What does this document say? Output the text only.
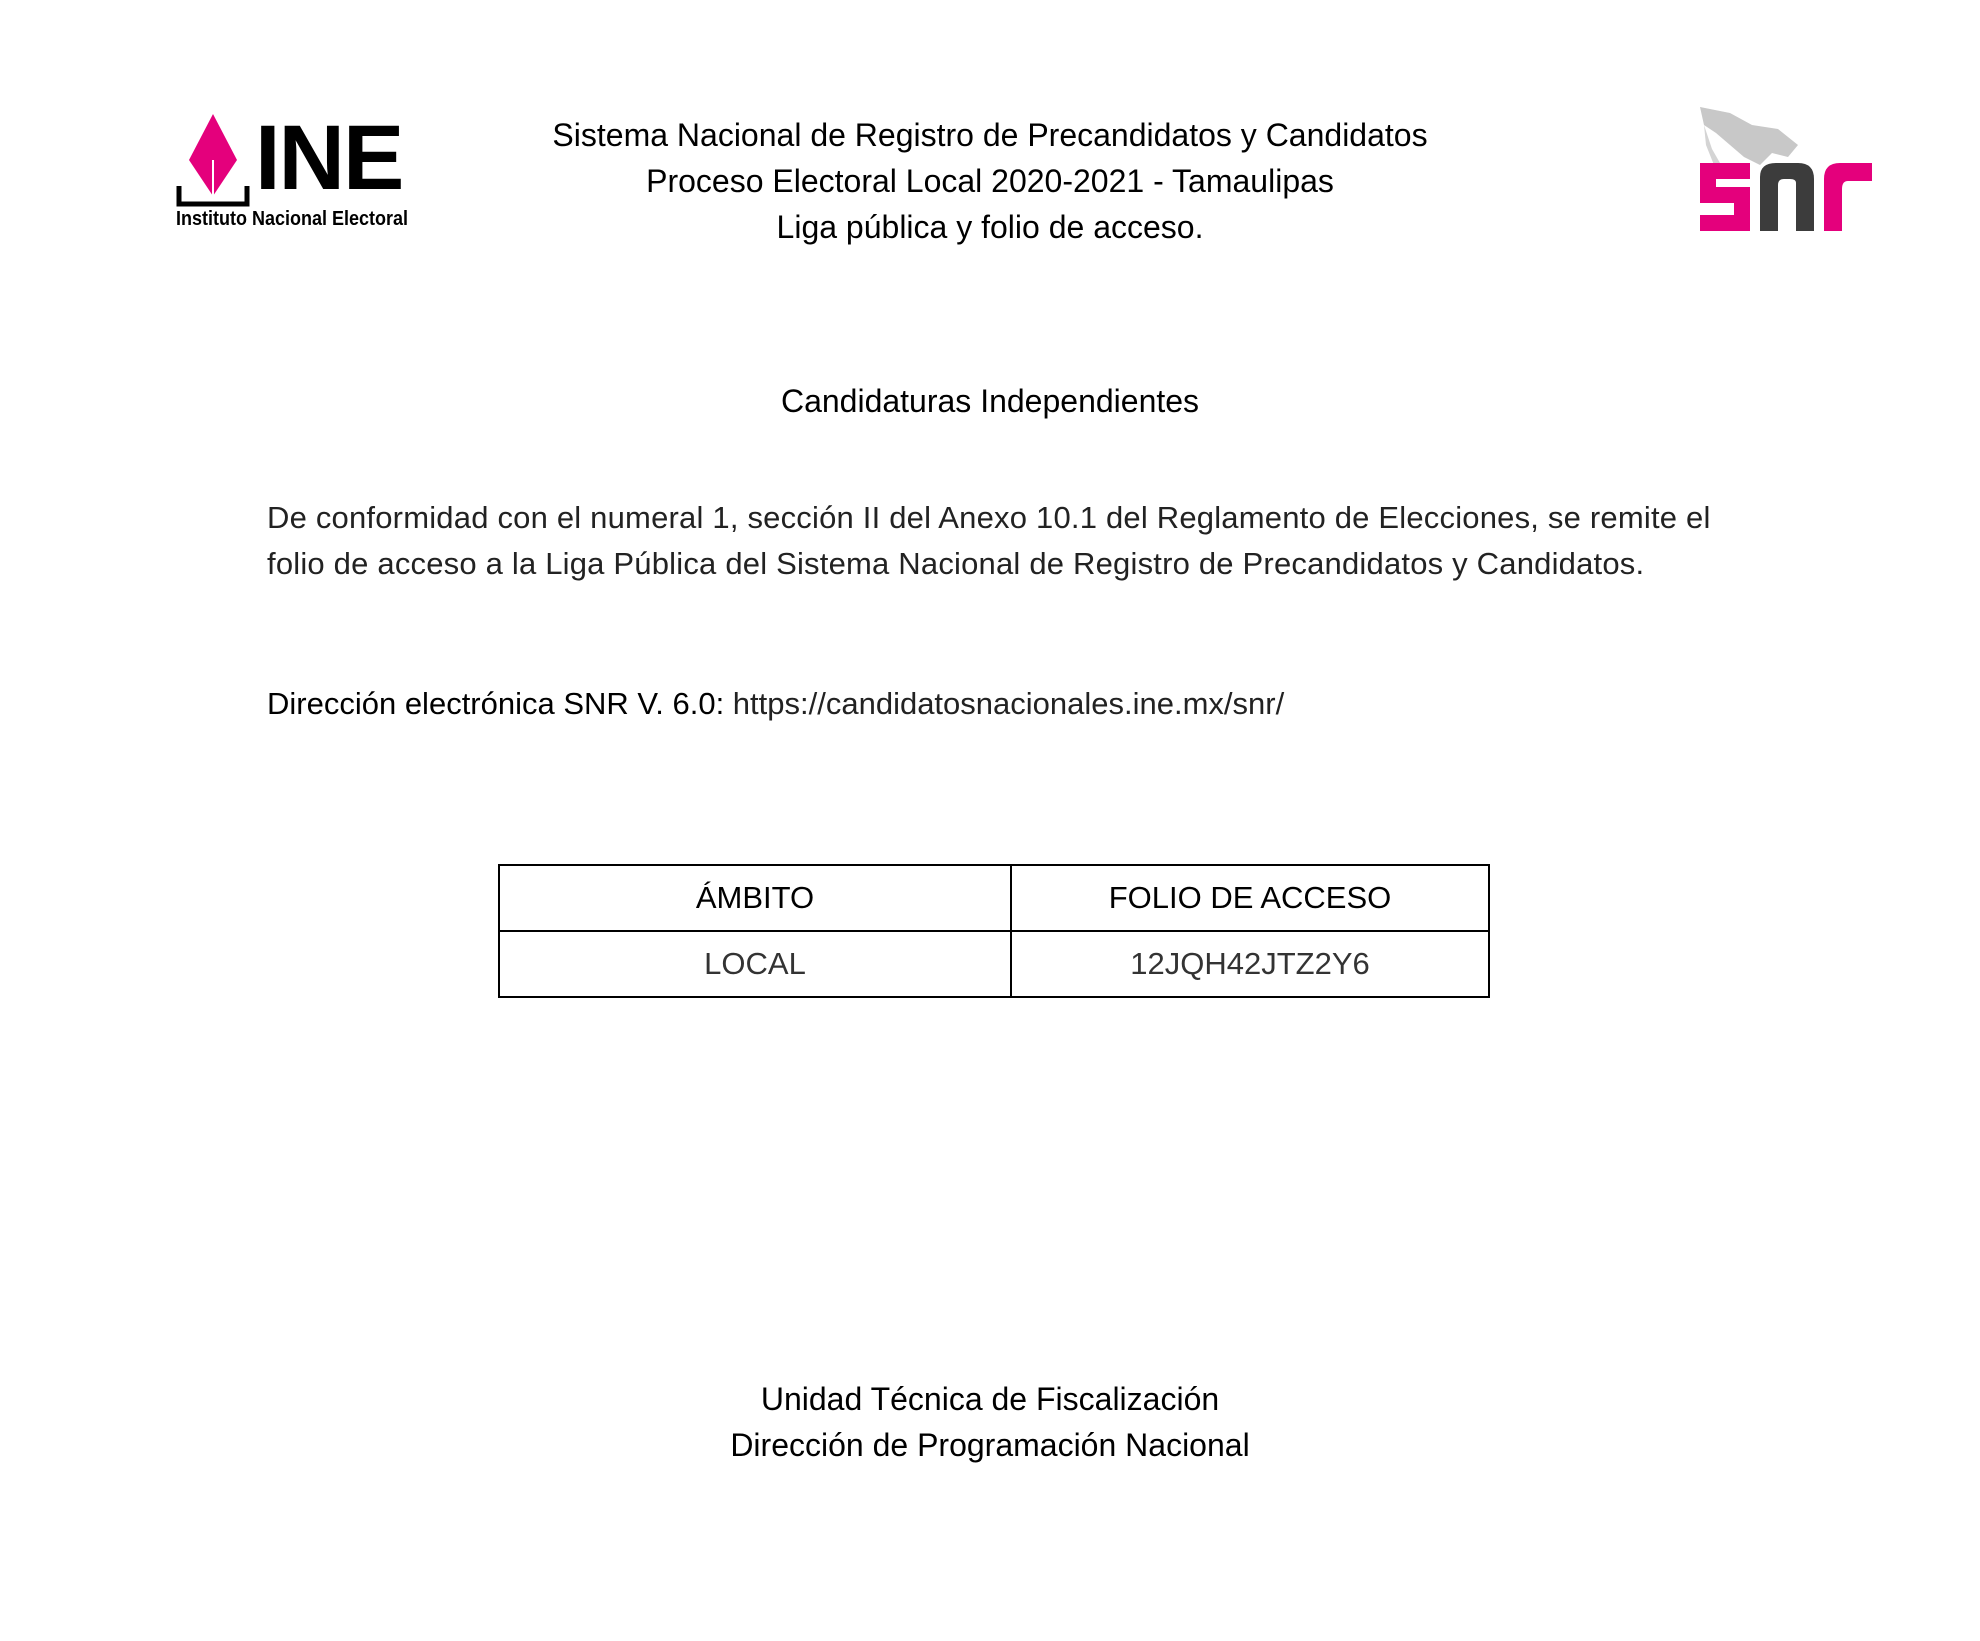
INE
Instituto Nacional Electoral
Sistema Nacional de Registro de Precandidatos y Candidatos
Proceso Electoral Local 2020-2021 - Tamaulipas
Liga pública y folio de acceso.
Candidaturas Independientes
De conformidad con el numeral 1, sección II del Anexo 10.1 del Reglamento de Elecciones, se remite el folio de acceso a la Liga Pública del Sistema Nacional de Registro de Precandidatos y Candidatos.
Dirección electrónica SNR V. 6.0: https://candidatosnacionales.ine.mx/snr/
ÁMBITO	FOLIO DE ACCESO
LOCAL	12JQH42JTZ2Y6
Unidad Técnica de Fiscalización
Dirección de Programación Nacional
